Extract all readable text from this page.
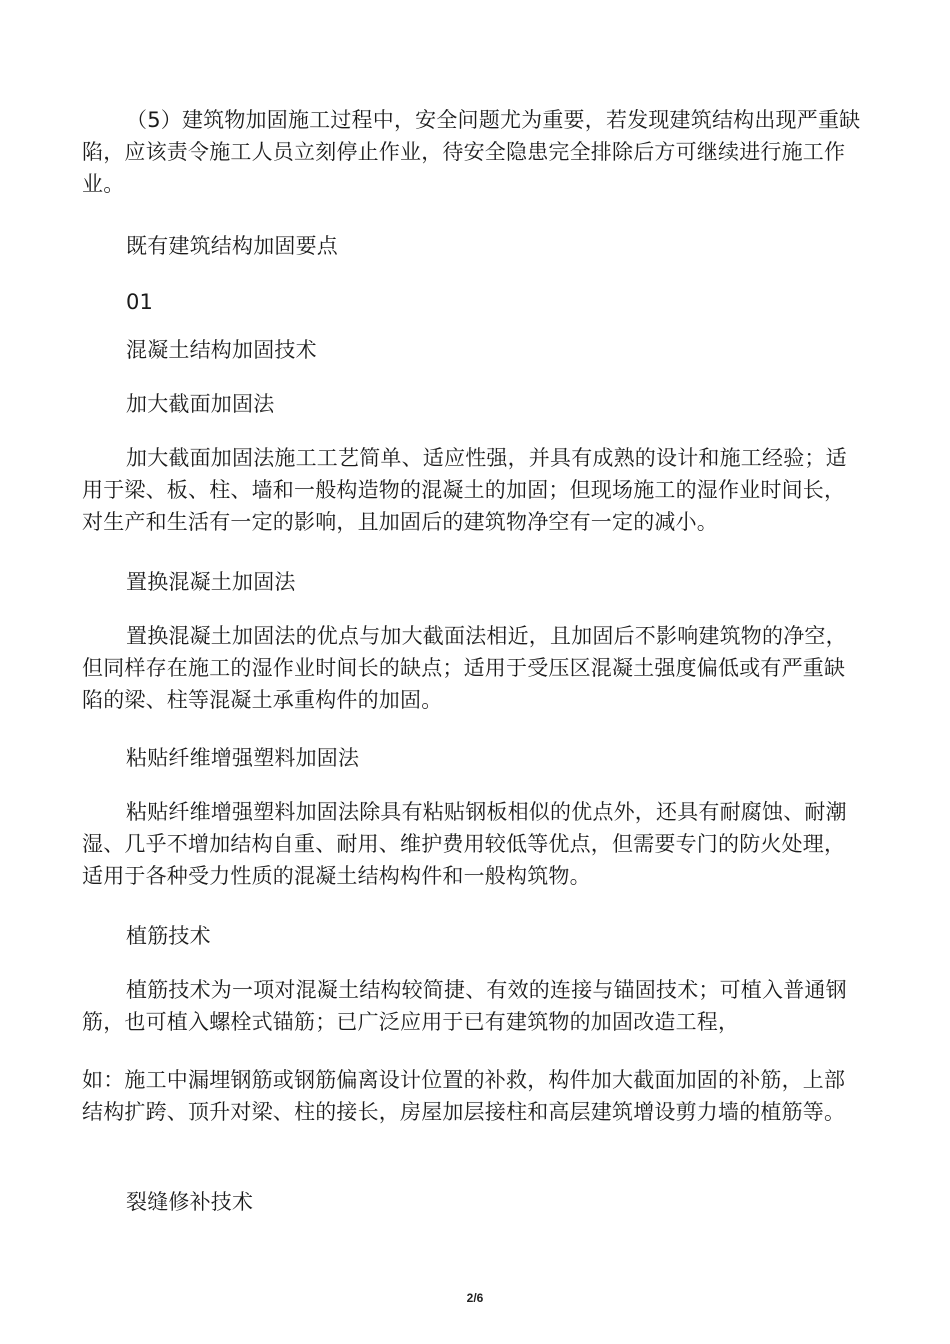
（5）建筑物加固施工过程中，安全问题尤为重要，若发现建筑结构出现严重缺陷，应该责令施工人员立刻停止作业，待安全隐患完全排除后方可继续进行施工作业。

既有建筑结构加固要点

01

混凝土结构加固技术

加大截面加固法

加大截面加固法施工工艺简单、适应性强，并具有成熟的设计和施工经验；适用于梁、板、柱、墙和一般构造物的混凝土的加固；但现场施工的湿作业时间长，对生产和生活有一定的影响，且加固后的建筑物净空有一定的减小。

置换混凝土加固法

置换混凝土加固法的优点与加大截面法相近，且加固后不影响建筑物的净空，但同样存在施工的湿作业时间长的缺点；适用于受压区混凝土强度偏低或有严重缺陷的梁、柱等混凝土承重构件的加固。

粘贴纤维增强塑料加固法

粘贴纤维增强塑料加固法除具有粘贴钢板相似的优点外，还具有耐腐蚀、耐潮湿、几乎不增加结构自重、耐用、维护费用较低等优点，但需要专门的防火处理，适用于各种受力性质的混凝土结构构件和一般构筑物。

植筋技术

植筋技术为一项对混凝土结构较简捷、有效的连接与锚固技术；可植入普通钢筋，也可植入螺栓式锚筋；已广泛应用于已有建筑物的加固改造工程，

如：施工中漏埋钢筋或钢筋偏离设计位置的补救，构件加大截面加固的补筋，上部结构扩跨、顶升对梁、柱的接长，房屋加层接柱和高层建筑增设剪力墙的植筋等。

裂缝修补技术

2/6
